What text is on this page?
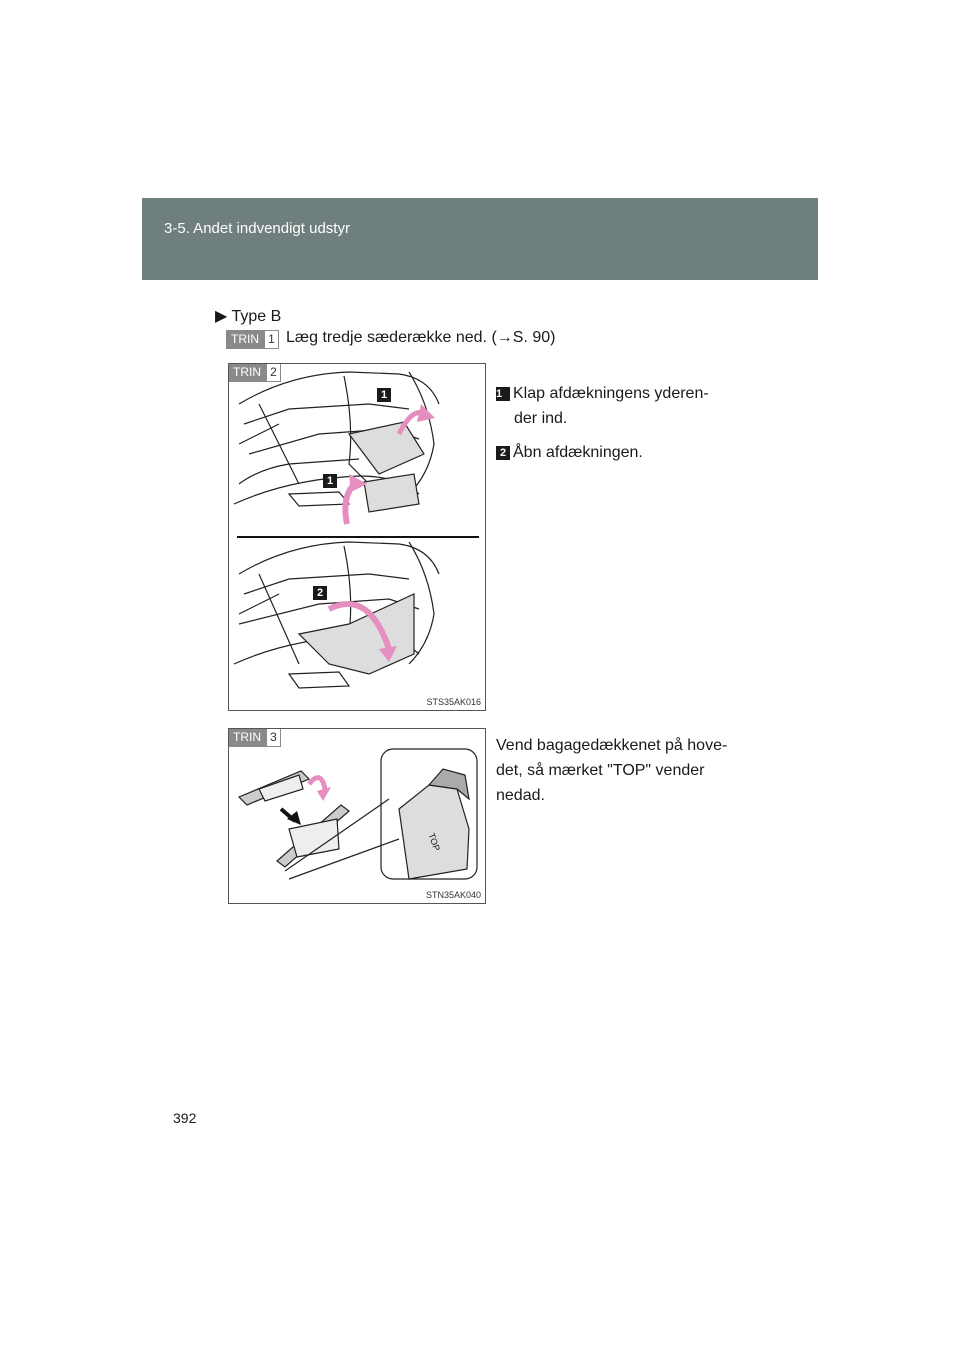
3-5. Andet indvendigt udstyr
▶ Type B
TRIN 1 Læg tredje sæderække ned. (→S. 90)
TRIN 2
1
1
2
STS35AK016
1 Klap afdækningens yderen-
der ind.
2 Åbn afdækningen.
TRIN 3
TOP
STN35AK040
Vend bagagedækkenet på hove-
det, så mærket "TOP" vender
nedad.
392
